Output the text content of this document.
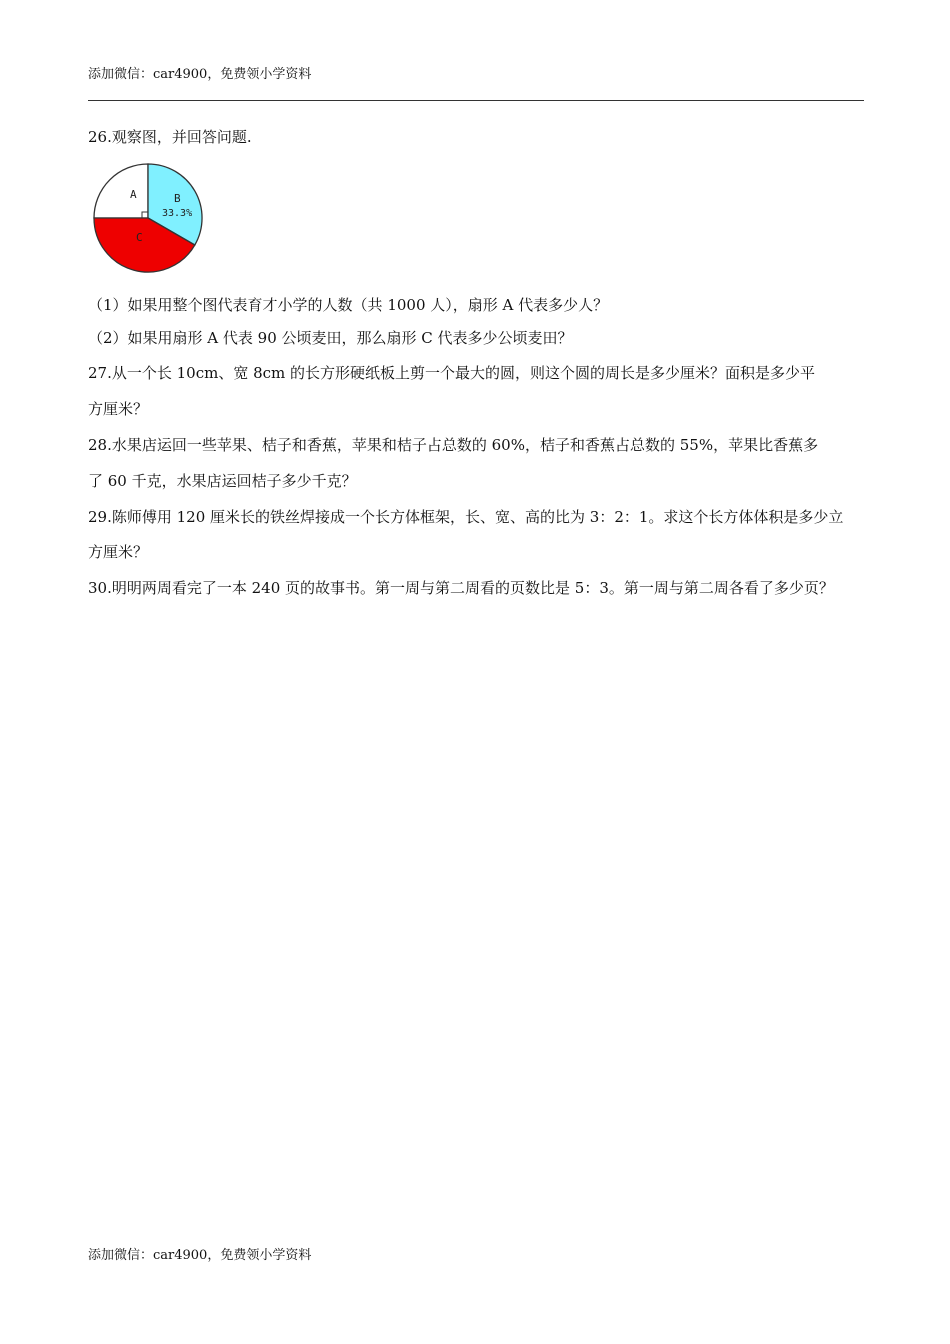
添加微信：car4900，免费领小学资料
26.观察图，并回答问题.
A	B
33.3%
C
（1）如果用整个图代表育才小学的人数（共 1000 人），扇形 A 代表多少人？
（2）如果用扇形 A 代表 90 公顷麦田，那么扇形 C 代表多少公顷麦田？
27.从一个长 10cm、宽 8cm 的长方形硬纸板上剪一个最大的圆，则这个圆的周长是多少厘米？面积是多少平
方厘米？
28.水果店运回一些苹果、桔子和香蕉，苹果和桔子占总数的 60%，桔子和香蕉占总数的 55%，苹果比香蕉多
了 60 千克，水果店运回桔子多少千克？
29.陈师傅用 120 厘米长的铁丝焊接成一个长方体框架，长、宽、高的比为 3：2：1。求这个长方体体积是多少立
方厘米？
30.明明两周看完了一本 240 页的故事书。第一周与第二周看的页数比是 5：3。第一周与第二周各看了多少页？
添加微信：car4900，免费领小学资料
